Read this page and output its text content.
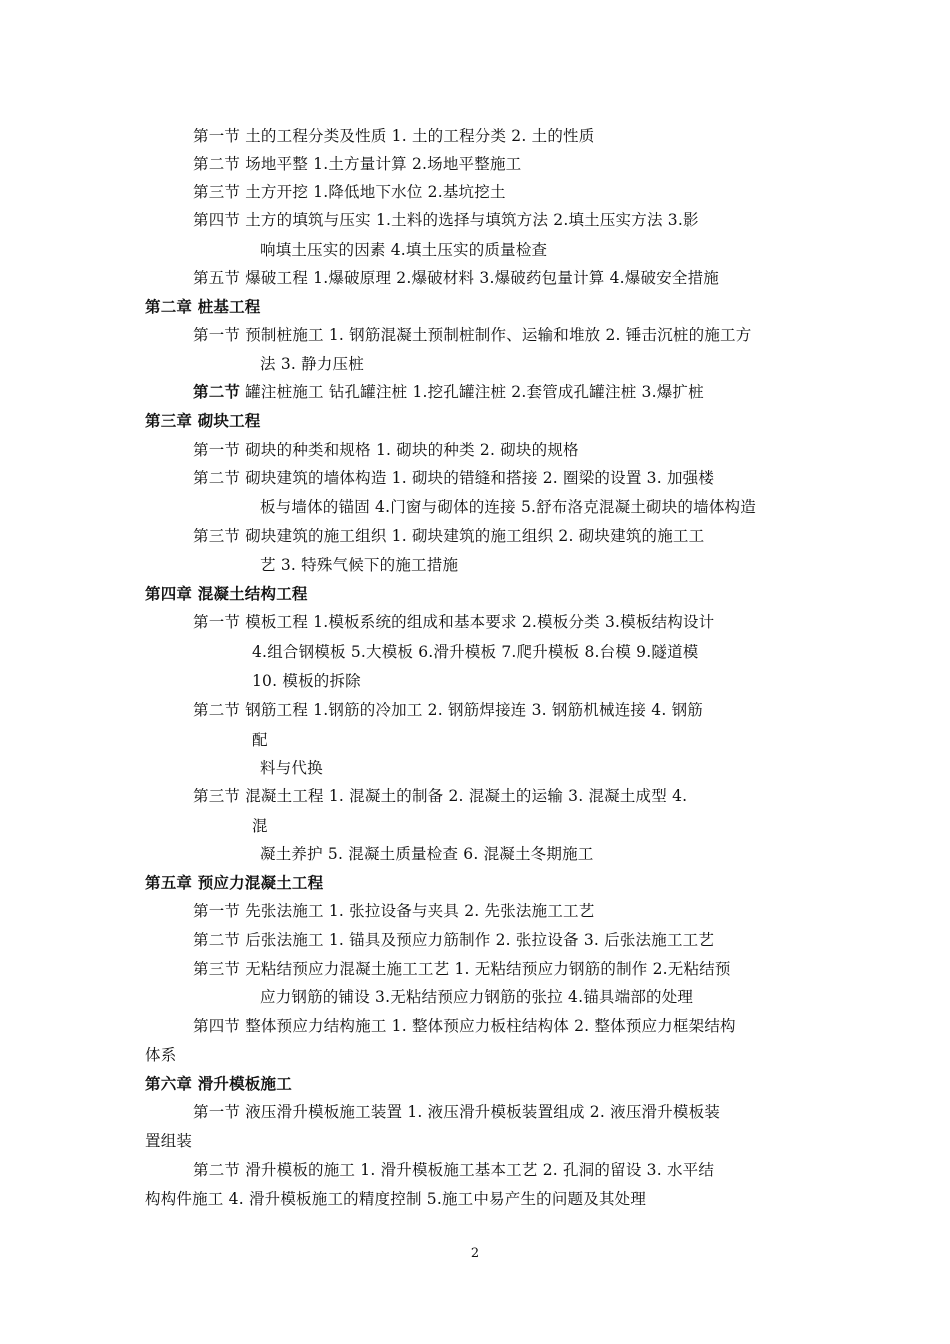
第一节 土的工程分类及性质 1. 土的工程分类 2. 土的性质
第二节 场地平整 1.土方量计算 2.场地平整施工
第三节 土方开挖 1.降低地下水位 2.基坑挖土
第四节 土方的填筑与压实 1.土料的选择与填筑方法 2.填土压实方法 3.影
响填土压实的因素 4.填土压实的质量检查
第五节 爆破工程 1.爆破原理 2.爆破材料 3.爆破药包量计算 4.爆破安全措施
第二章 桩基工程
第一节 预制桩施工 1. 钢筋混凝土预制桩制作、运输和堆放 2. 锤击沉桩的施工方
法 3. 静力压桩
第二节 罐注桩施工 钻孔罐注桩 1.挖孔罐注桩 2.套管成孔罐注桩 3.爆扩桩
第三章 砌块工程
第一节 砌块的种类和规格 1. 砌块的种类 2. 砌块的规格
第二节 砌块建筑的墙体构造 1. 砌块的错缝和搭接 2. 圈梁的设置 3. 加强楼
板与墙体的锚固 4.门窗与砌体的连接 5.舒布洛克混凝土砌块的墙体构造
第三节 砌块建筑的施工组织 1. 砌块建筑的施工组织 2. 砌块建筑的施工工
艺 3. 特殊气候下的施工措施
第四章 混凝土结构工程
第一节 模板工程 1.模板系统的组成和基本要求 2.模板分类 3.模板结构设计
4.组合钢模板 5.大模板 6.滑升模板 7.爬升模板 8.台模 9.隧道模
10. 模板的拆除
第二节 钢筋工程 1.钢筋的冷加工 2. 钢筋焊接连 3. 钢筋机械连接 4. 钢筋
配
料与代换
第三节 混凝土工程 1. 混凝土的制备 2. 混凝土的运输 3. 混凝土成型 4.
混
凝土养护 5. 混凝土质量检查 6. 混凝土冬期施工
第五章 预应力混凝土工程
第一节 先张法施工 1. 张拉设备与夹具 2. 先张法施工工艺
第二节 后张法施工 1. 锚具及预应力筋制作 2. 张拉设备 3. 后张法施工工艺
第三节 无粘结预应力混凝土施工工艺 1. 无粘结预应力钢筋的制作 2.无粘结预
应力钢筋的铺设 3.无粘结预应力钢筋的张拉 4.锚具端部的处理
第四节 整体预应力结构施工 1. 整体预应力板柱结构体 2. 整体预应力框架结构
体系
第六章 滑升模板施工
第一节 液压滑升模板施工装置 1. 液压滑升模板装置组成 2. 液压滑升模板装
置组装
第二节 滑升模板的施工 1. 滑升模板施工基本工艺 2. 孔洞的留设 3. 水平结
构构件施工 4. 滑升模板施工的精度控制 5.施工中易产生的问题及其处理
2
